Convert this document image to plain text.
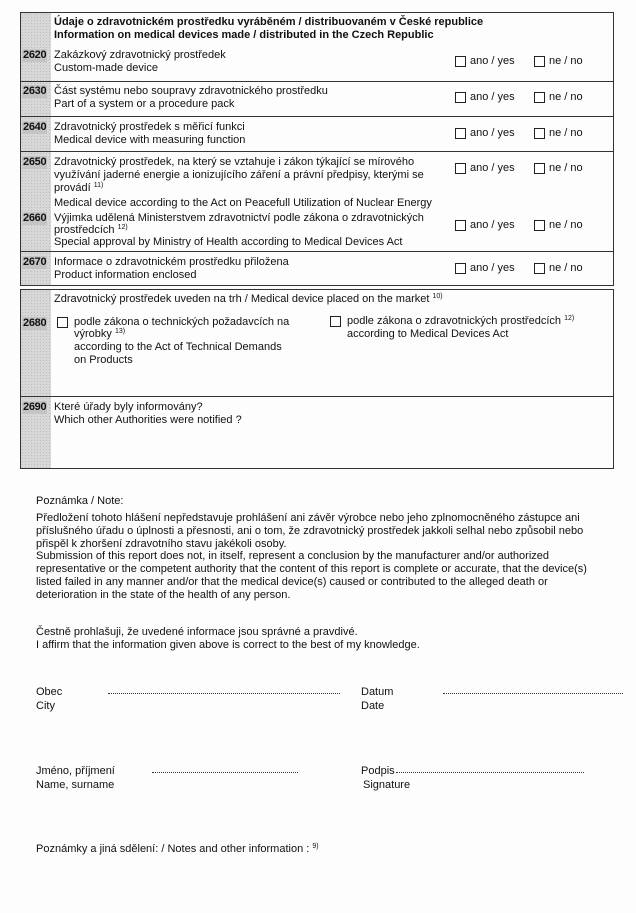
Údaje o zdravotnickém prostředku vyráběném / distribuovaném v České republice
Information on medical devices made / distributed in the Czech Republic
2620 Zakázkový zdravotnický prostředek
Custom-made device
ano / yes	ne / no
2630 Část systému nebo soupravy zdravotnického prostředku
Part of a system or a procedure pack
ano / yes	ne / no
2640 Zdravotnický prostředek s měřicí funkci
Medical device with measuring function
ano / yes	ne / no
2650 Zdravotnický prostředek, na který se vztahuje i zákon týkající se mírového
využívání jaderné energie a ionizujícího záření a právní předpisy, kterými se
provádí $^{11)}$
Medical device according to the Act on Peacefull Utilization of Nuclear Energy
ano / yes	ne / no
2660 Výjimka udělená Ministerstvem zdravotnictví podle zákona o zdravotnických
prostředcích $^{12)}$
Special approval by Ministry of Health according to Medical Devices Act
ano / yes	ne / no
2670 Informace o zdravotnickém prostředku přiložena
Product information enclosed
ano / yes	ne / no
Zdravotnický prostředek uveden na trh / Medical device placed on the market $^{10)}$
2680	podle zákona o technických požadavcích na
výrobky $^{13)}$
according to the Act of Technical Demands
on Products
podle zákona o zdravotnických prostředcích $^{12)}$
according to Medical Devices Act
2690 Které úřady byly informovány?
Which other Authorities were notified ?
Poznámka / Note:
Předložení tohoto hlášení nepředstavuje prohlášení ani závěr výrobce nebo jeho zplnomocněného zástupce ani
příslušného úřadu o úplnosti a přesnosti, ani o tom, že zdravotnický prostředek jakkoli selhal nebo způsobil nebo
přispěl k zhoršení zdravotního stavu jakékoli osoby.
Submission of this report does not, in itself, represent a conclusion by the manufacturer and/or authorized
representative or the competent authority that the content of this report is complete or accurate, that the device(s)
listed failed in any manner and/or that the medical device(s) caused or contributed to the alleged death or
deterioration in the state of the health of any person.
Čestně prohlašuji, že uvedené informace jsou správné a pravdivé.
I affirm that the information given above is correct to the best of my knowledge.
Obec
City
Datum
Date
Jméno, příjmení
Name, surname
Podpis
Signature
Poznámky a jiná sdělení: / Notes and other information : $^{9)}$
